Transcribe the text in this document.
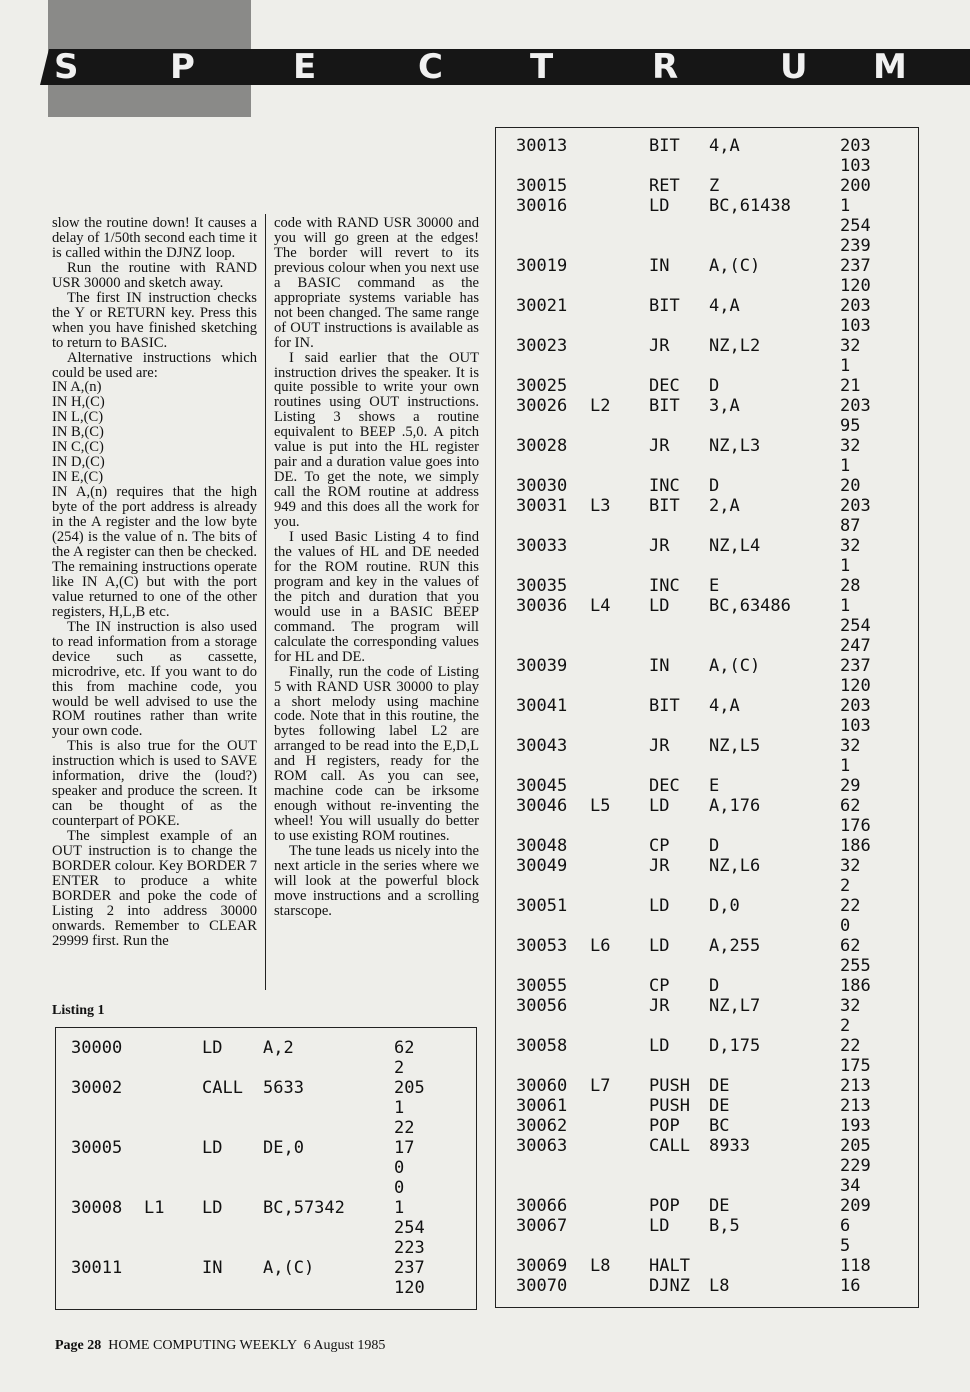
S	P	E	C	T	R	U M

slow the routine down! It causes a delay of 1/50th second each time it is called within the DJNZ loop.

Run the routine with RAND USR 30000 and sketch away.

The first IN instruction checks the Y or RETURN key. Press this when you have finished sketching to return to BASIC.

Alternative instructions which could be used are:

IN A,(n)

IN H,(C)

IN L,(C)

IN B,(C)

IN C,(C)

IN D,(C)

IN E,(C)

IN A,(n) requires that the high byte of the port address is already in the A register and the low byte (254) is the value of n. The bits of the A register can then be checked. The remaining instructions operate like IN A,(C) but with the port value returned to one of the other registers, H,L,B etc.

The IN instruction is also used to read information from a storage device such as cassette, microdrive, etc. If you want to do this from machine code, you would be well advised to use the ROM routines rather than write your own code.

This is also true for the OUT instruction which is used to SAVE information, drive the (loud?) speaker and produce the screen. It can be thought of as the counterpart of POKE.

The simplest example of an OUT instruction is to change the BORDER colour. Key BORDER 7 ENTER to produce a white BORDER and poke the code of Listing 2 into address 30000 onwards. Remember to CLEAR 29999 first. Run the

code with RAND USR 30000 and you will go green at the edges! The border will revert to its previous colour when you next use a BASIC command as the appropriate systems variable has not been changed. The same range of OUT instructions is available as for IN.

I said earlier that the OUT instruction drives the speaker. It is quite possible to write your own routines using OUT instructions. Listing 3 shows a routine equivalent to BEEP .5,0. A pitch value is put into the HL register pair and a duration value goes into DE. To get the note, we simply call the ROM routine at address 949 and this does all the work for you.

I used Basic Listing 4 to find the values of HL and DE needed for the ROM routine. RUN this program and key in the values of the pitch and duration that you would use in a BASIC BEEP command. The program will calculate the corresponding values for HL and DE.

Finally, run the code of Listing 5 with RAND USR 30000 to play a short melody using machine code. Note that in this routine, the bytes following label L2 are arranged to be read into the E,D,L and H registers, ready for the ROM call. As you can see, machine code can be irksome enough without re-inventing the wheel! You will usually do better to use existing ROM routines.

The tune leads us nicely into the next article in the series where we will look at the powerful block move instructions and a scrolling starscope.

Listing 1
30000	LD A,2	62
2
30002	CALL 5633	205
1
22
30005	LD DE,0	17
0
0
30008 L1 LD BC,57342	1
254
223
30011	IN A,(C)	237
120
30013	BIT 4,A	203
103
30015	RET Z	200
30016	LD BC,61438	1
254
239
30019	IN A,(C)	237
120
30021	BIT 4,A	203
103
30023	JR NZ,L2	32
1
30025	DEC D	21
30026 L2 BIT 3,A	203
95
30028	JR NZ,L3	32
1
30030	INC D	20
30031 L3 BIT 2,A	203
87
30033	JR NZ,L4	32
1
30035	INC E	28
30036 L4 LD BC,63486	1
254
247
30039	IN A,(C)	237
120
30041	BIT 4,A	203
103
30043	JR NZ,L5	32
1
30045	DEC E	29
30046 L5 LD A,176	62
176
30048	CP D	186
30049	JR NZ,L6	32
2
30051	LD D,0	22
0
30053 L6 LD A,255	62
255
30055	CP D	186
30056	JR NZ,L7	32
2
30058	LD D,175	22
175
30060 L7 PUSH DE	213
30061	PUSH DE	213
30062	POP BC	193
30063	CALL 8933	205
229
34
30066	POP DE	209
30067	LD B,5	6
5
30069 L8 HALT	118
30070	DJNZ L8	16
Page 28 HOME COMPUTING WEEKLY 6 August 1985
